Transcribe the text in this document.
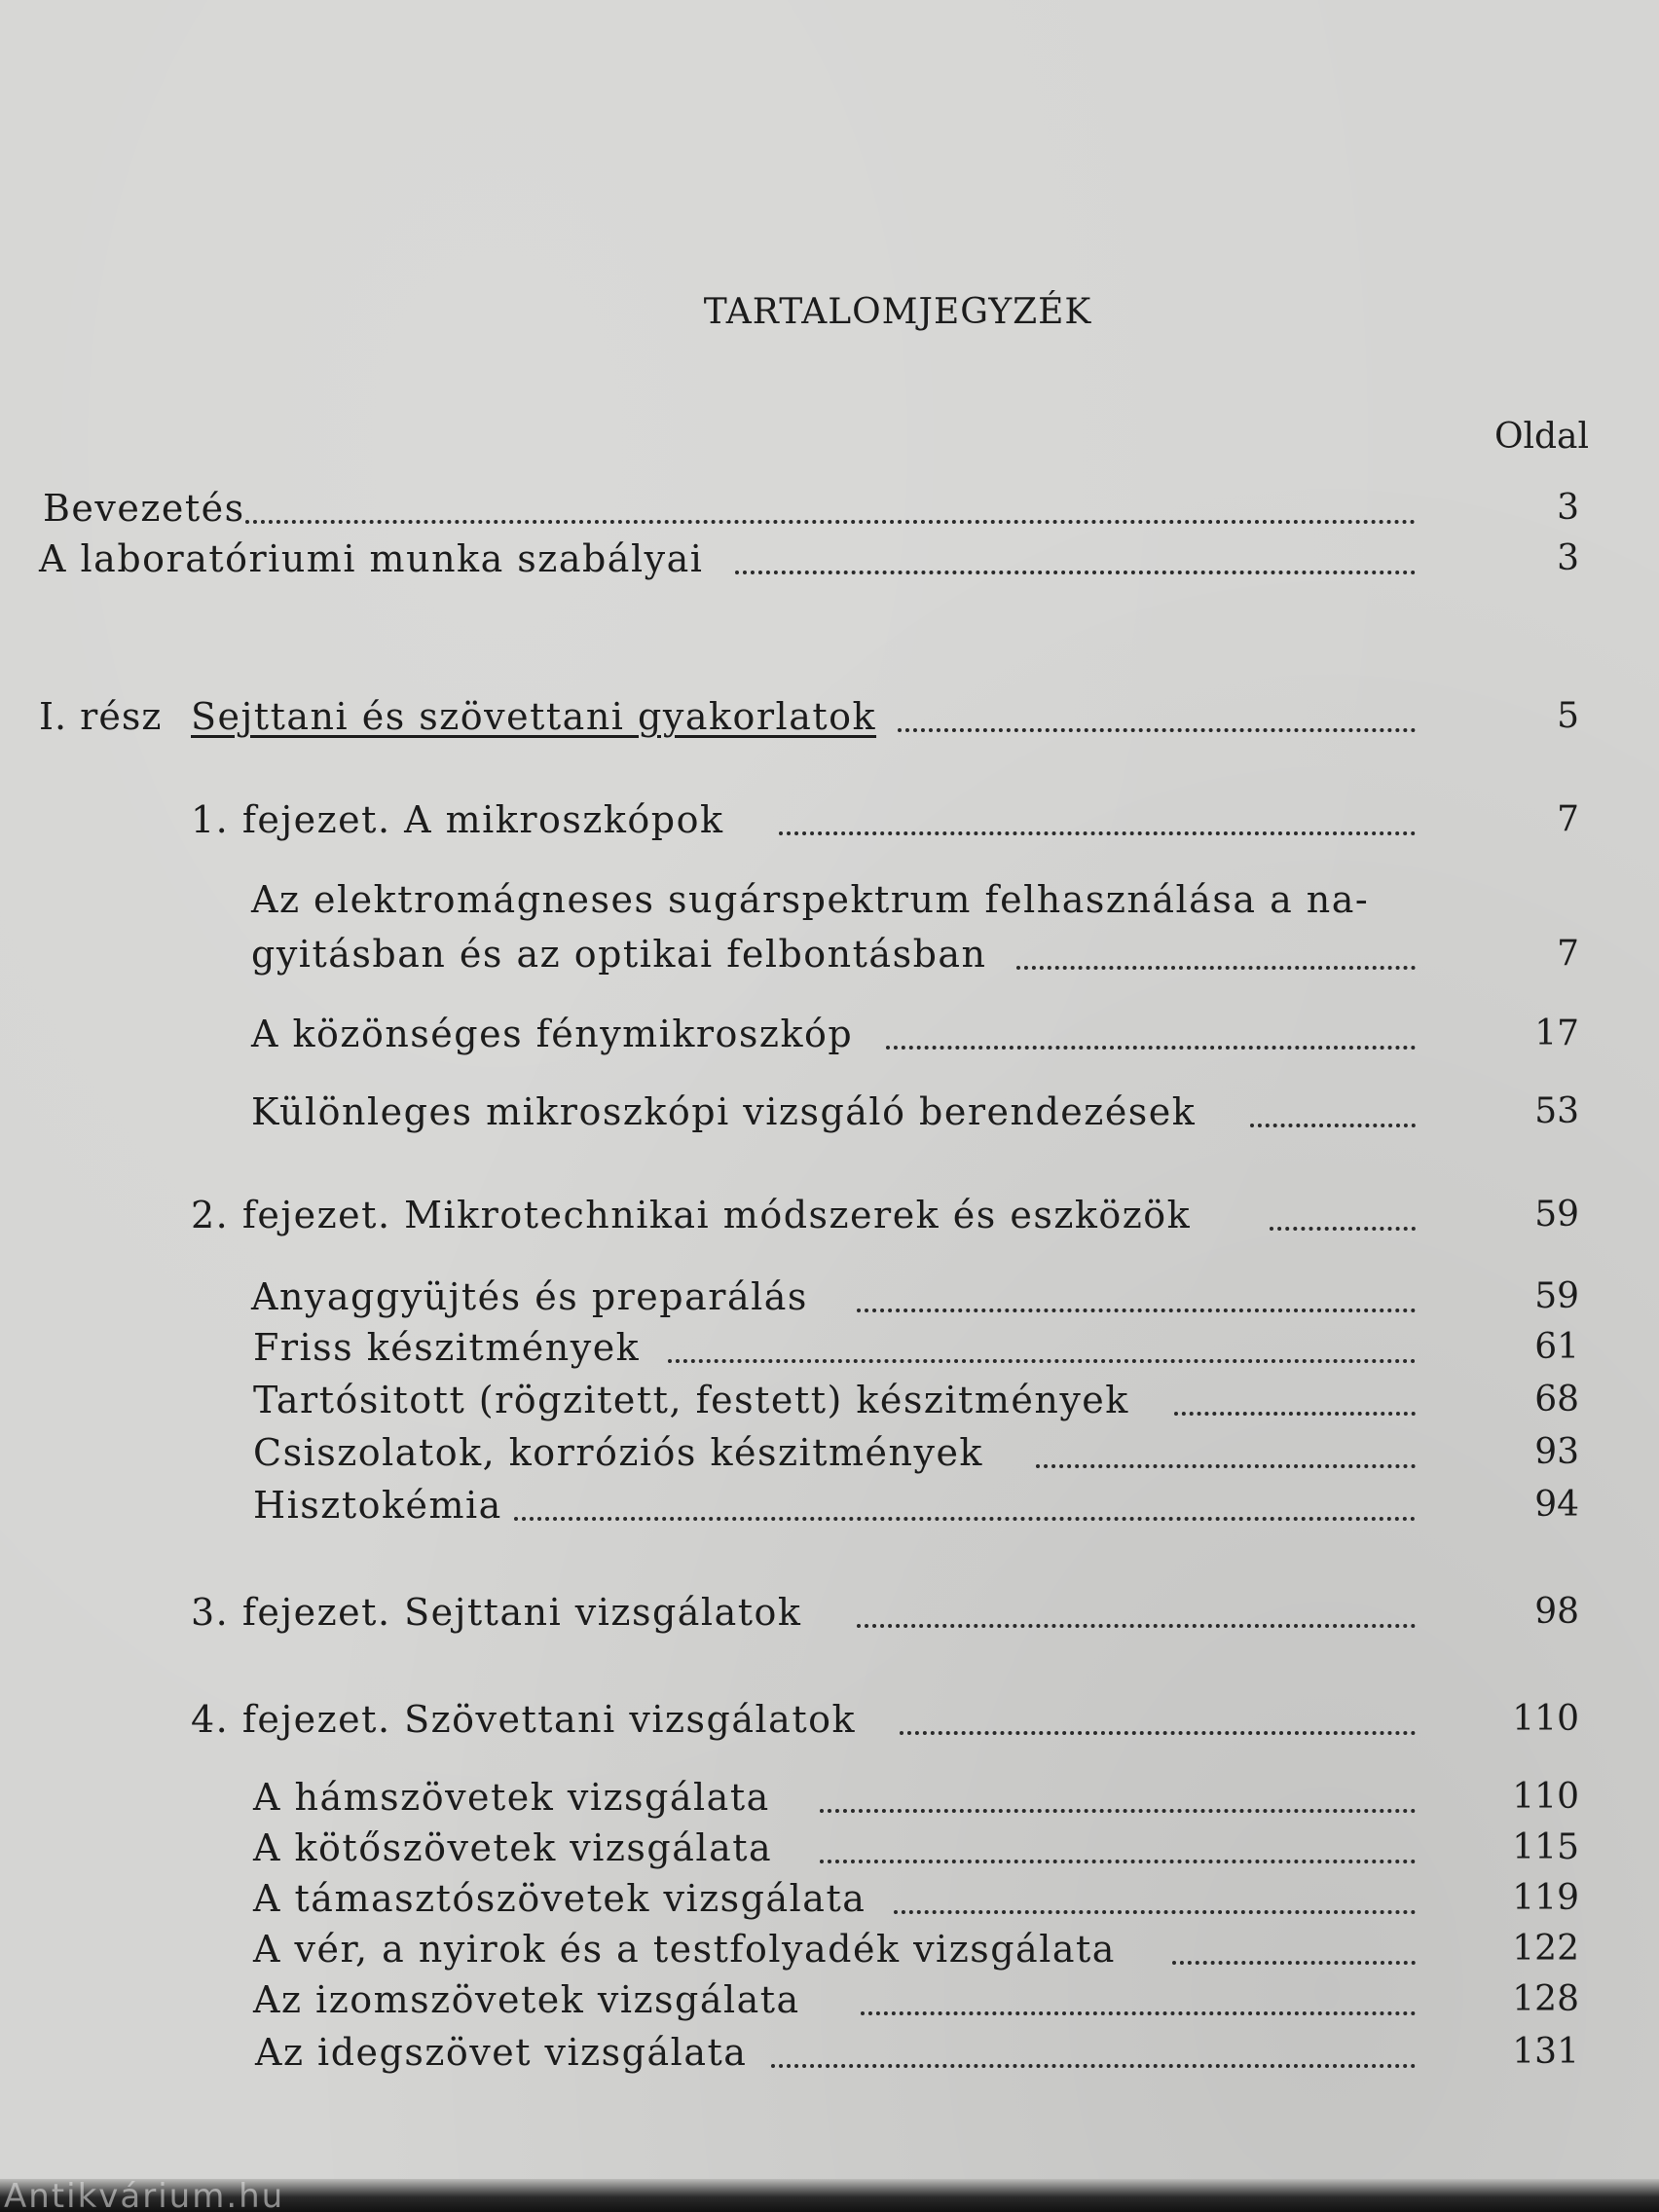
TARTALOMJEGYZÉK
Oldal
Bevezetés	3
A laboratóriumi munka szabályai	3
I. rész Sejttani és szövettani gyakorlatok	5
1. fejezet. A mikroszkópok	7
Az elektromágneses sugárspektrum felhasználása a na-
gyitásban és az optikai felbontásban	7
A közönséges fénymikroszkóp	17
Különleges mikroszkópi vizsgáló berendezések	53
2. fejezet. Mikrotechnikai módszerek és eszközök	59
Anyaggyüjtés és preparálás	59
Friss készitmények	61
Tartósitott (rögzitett, festett) készitmények	68
Csiszolatok, korróziós készitmények	93
Hisztokémia	94
3. fejezet. Sejttani vizsgálatok	98
4. fejezet. Szövettani vizsgálatok	110
A hámszövetek vizsgálata	110
A kötőszövetek vizsgálata	115
A támasztószövetek vizsgálata	119
A vér, a nyirok és a testfolyadék vizsgálata	122
Az izomszövetek vizsgálata	128
Az idegszövet vizsgálata	131
Antikvárium.hu
